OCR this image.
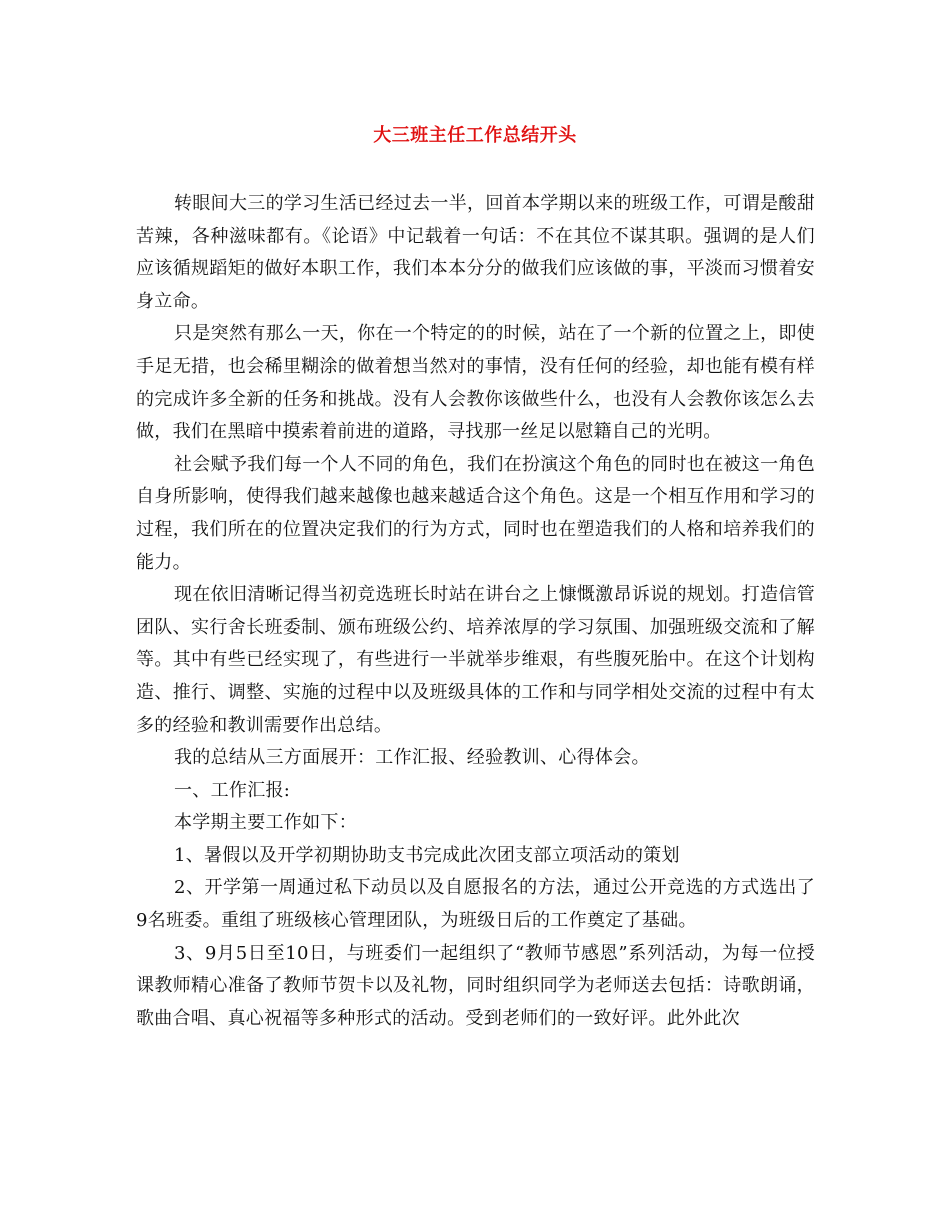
大三班主任工作总结开头

转眼间大三的学习生活已经过去一半，回首本学期以来的班级工作，可谓是酸甜苦辣，各种滋味都有。《论语》中记载着一句话：不在其位不谋其职。强调的是人们应该循规蹈矩的做好本职工作，我们本本分分的做我们应该做的事，平淡而习惯着安身立命。

只是突然有那么一天，你在一个特定的的时候，站在了一个新的位置之上，即使手足无措，也会稀里糊涂的做着想当然对的事情，没有任何的经验，却也能有模有样的完成许多全新的任务和挑战。没有人会教你该做些什么，也没有人会教你该怎么去做，我们在黑暗中摸索着前进的道路，寻找那一丝足以慰籍自己的光明。

社会赋予我们每一个人不同的角色，我们在扮演这个角色的同时也在被这一角色自身所影响，使得我们越来越像也越来越适合这个角色。这是一个相互作用和学习的过程，我们所在的位置决定我们的行为方式，同时也在塑造我们的人格和培养我们的能力。

现在依旧清晰记得当初竞选班长时站在讲台之上慷慨激昂诉说的规划。打造信管团队、实行舍长班委制、颁布班级公约、培养浓厚的学习氛围、加强班级交流和了解等。其中有些已经实现了，有些进行一半就举步维艰，有些腹死胎中。在这个计划构造、推行、调整、实施的过程中以及班级具体的工作和与同学相处交流的过程中有太多的经验和教训需要作出总结。

我的总结从三方面展开：工作汇报、经验教训、心得体会。

一、工作汇报:

本学期主要工作如下：

1、暑假以及开学初期协助支书完成此次团支部立项活动的策划

2、开学第一周通过私下动员以及自愿报名的方法，通过公开竞选的方式选出了9名班委。重组了班级核心管理团队，为班级日后的工作奠定了基础。

3、9月5日至10日，与班委们一起组织了“教师节感恩”系列活动，为每一位授课教师精心准备了教师节贺卡以及礼物，同时组织同学为老师送去包括：诗歌朗诵，歌曲合唱、真心祝福等多种形式的活动。受到老师们的一致好评。此外此次
